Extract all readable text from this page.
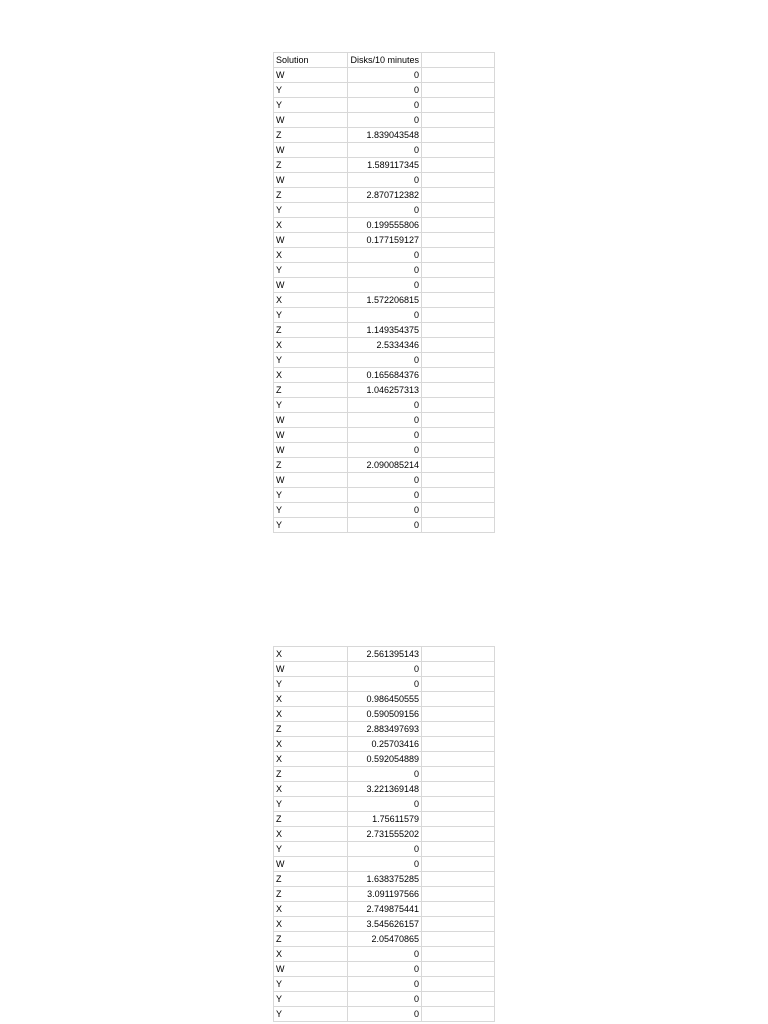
Solution	Disks/10 minutes	
W	0	
Y	0	
Y	0	
W	0	
Z	1.839043548	
W	0	
Z	1.589117345	
W	0	
Z	2.870712382	
Y	0	
X	0.199555806	
W	0.177159127	
X	0	
Y	0	
W	0	
X	1.572206815	
Y	0	
Z	1.149354375	
X	2.5334346	
Y	0	
X	0.165684376	
Z	1.046257313	
Y	0	
W	0	
W	0	
W	0	
Z	2.090085214	
W	0	
Y	0	
Y	0	
Y	0	
X	2.561395143	
W	0	
Y	0	
X	0.986450555	
X	0.590509156	
Z	2.883497693	
X	0.25703416	
X	0.592054889	
Z	0	
X	3.221369148	
Y	0	
Z	1.75611579	
X	2.731555202	
Y	0	
W	0	
Z	1.638375285	
Z	3.091197566	
X	2.749875441	
X	3.545626157	
Z	2.05470865	
X	0	
W	0	
Y	0	
Y	0	
Y	0	
